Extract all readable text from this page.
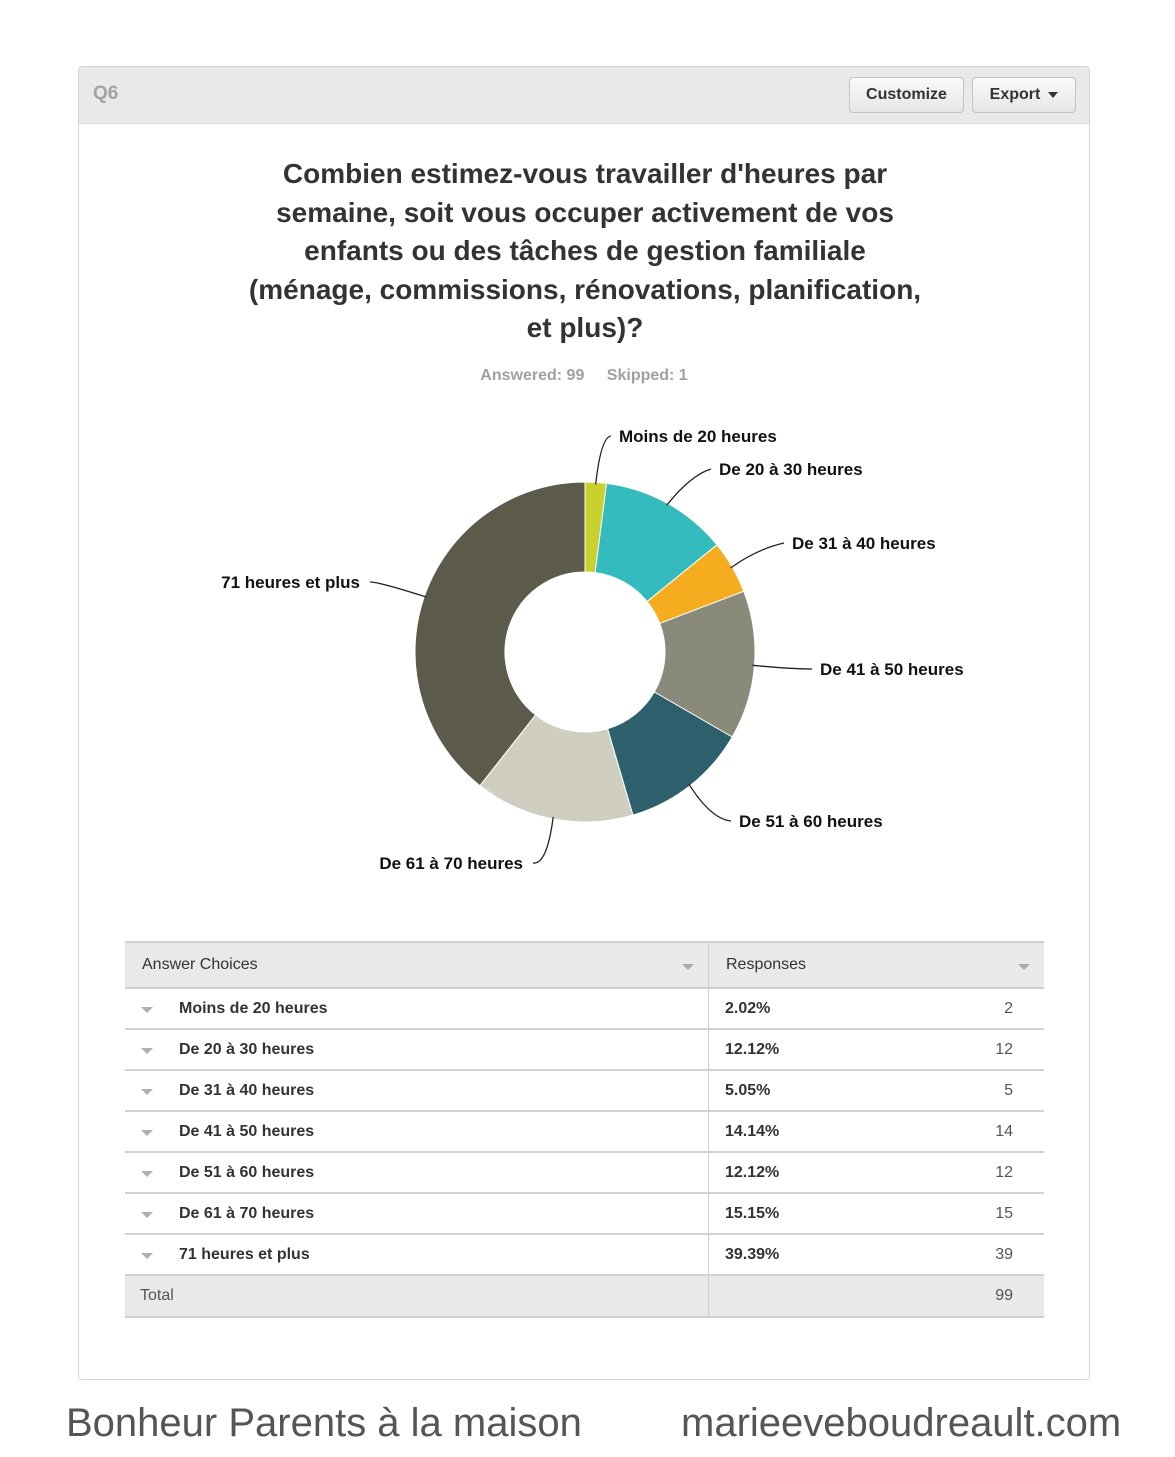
Q6	Customize	Export
Combien estimez-vous travailler d'heures par semaine, soit vous occuper activement de vos enfants ou des tâches de gestion familiale (ménage, commissions, rénovations, planification, et plus)?
Answered: 99 Skipped: 1
Moins de 20 heures
De 20 à 30 heures
De 31 à 40 heures
De 41 à 50 heures
De 51 à 60 heures
De 61 à 70 heures
71 heures et plus
Answer Choices	Responses

Moins de 20 heures	2.02% 2

De 20 à 30 heures	12.12% 12

De 31 à 40 heures	5.05% 5

De 41 à 50 heures	14.14% 14

De 51 à 60 heures	12.12% 12

De 61 à 70 heures	15.15% 15

71 heures et plus	39.39% 39

Total	99
Bonheur Parents à la maison marieeveboudreault.com
